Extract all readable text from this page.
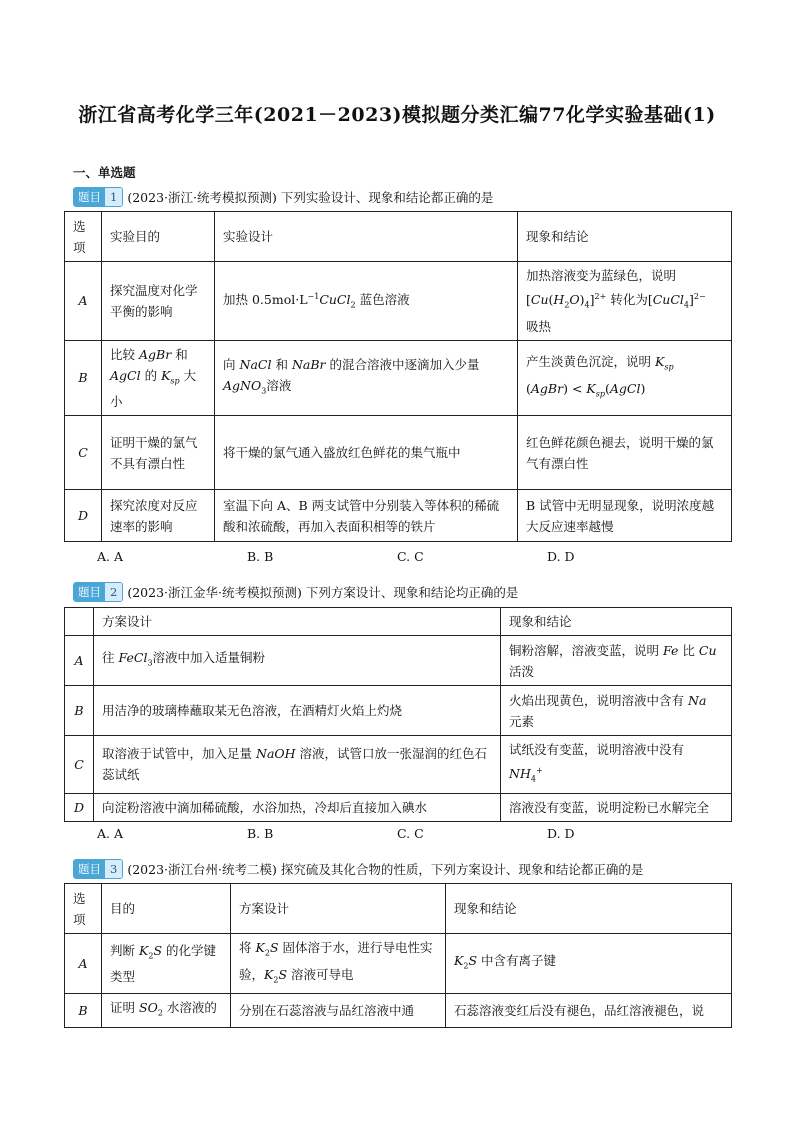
浙江省高考化学三年(2021－2023)模拟题分类汇编77化学实验基础(1)
一、单选题
题目 1 (2023·浙江·统考模拟预测) 下列实验设计、现象和结论都正确的是
选项	实验目的	实验设计	现象和结论
A	探究温度对化学平衡的影响	加热 $0.5mol\cdot L^{-1}CuCl_2$ 蓝色溶液	加热溶液变为蓝绿色，说明
$[Cu(H_2O)_4]^{2+}$ 转化为[CuCl$_4$]$^{2-}$
吸热
B	比较 AgBr 和
AgCl 的 $K_{sp}$ 大小	向 NaCl 和 NaBr 的混合溶液中逐滴加入少量
AgNO$_3$溶液	产生淡黄色沉淀，说明 $K_{sp}$
(AgBr) < $K_{sp}(AgCl)$
C	证明干燥的氯气不具有漂白性	将干燥的氯气通入盛放红色鲜花的集气瓶中	红色鲜花颜色褪去，说明干燥的氯气有漂白性
D	探究浓度对反应速率的影响	室温下向 A、B 两支试管中分别装入等体积的稀硫酸和浓硫酸，再加入表面积相等的铁片	B 试管中无明显现象，说明浓度越大反应速率越慢
A. A	B. B	C. C	D. D
题目 2 (2023·浙江金华·统考模拟预测) 下列方案设计、现象和结论均正确的是
	方案设计	现象和结论
A	往 FeCl$_3$溶液中加入适量铜粉	铜粉溶解，溶液变蓝，说明 Fe 比 Cu
活泼
B	用洁净的玻璃棒蘸取某无色溶液，在酒精灯火焰上灼烧	火焰出现黄色，说明溶液中含有 Na
元素
C	取溶液于试管中，加入足量 NaOH 溶液，试管口放一张湿润的红色石蕊试纸	试纸没有变蓝，说明溶液中没有
$NH_4^+$
D	向淀粉溶液中滴加稀硫酸，水浴加热，冷却后直接加入碘水	溶液没有变蓝，说明淀粉已水解完全
A. A	B. B	C. C	D. D
题目 3 (2023·浙江台州·统考二模) 探究硫及其化合物的性质，下列方案设计、现象和结论都正确的是
选项	目的	方案设计	现象和结论
A	判断 $K_2S$ 的化学键类型	将 $K_2S$ 固体溶于水，进行导电性实验，$K_2S$ 溶液可导电	$K_2S$ 中含有离子键
B	证明 $SO_2$ 水溶液的	分别在石蕊溶液与品红溶液中通	石蕊溶液变红后没有褪色，品红溶液褪色，说
